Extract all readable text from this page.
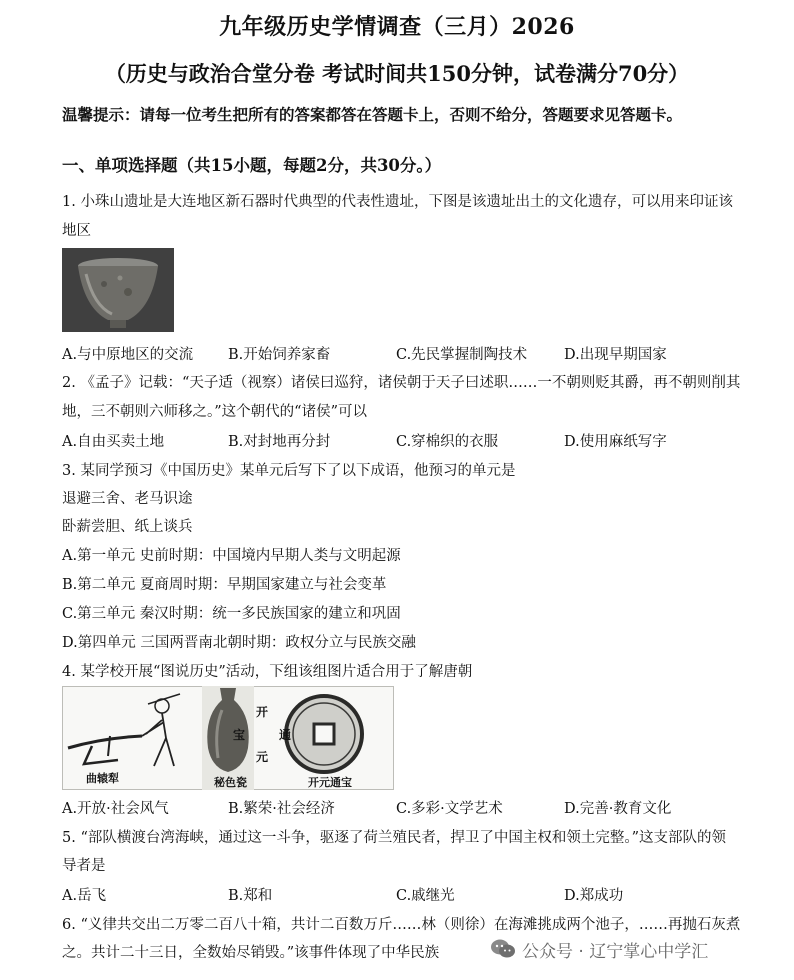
九年级历史学情调查（三月）2026
（历史与政治合堂分卷 考试时间共150分钟，试卷满分70分）
温馨提示：请每一位考生把所有的答案都答在答题卡上，否则不给分，答题要求见答题卡。
一、单项选择题（共15小题，每题2分，共30分。）
1. 小珠山遗址是大连地区新石器时代典型的代表性遗址，下图是该遗址出土的文化遗存，可以用来印证该
地区
A.与中原地区的交流 B.开始饲养家畜	C.先民掌握制陶技术	D.出现早期国家
2. 《孟子》记载：“天子适（视察）诸侯曰巡狩，诸侯朝于天子曰述职……一不朝则贬其爵，再不朝则削其
地，三不朝则六师移之。”这个朝代的“诸侯”可以
A.自由买卖土地	B.对封地再分封	C.穿棉织的衣服	D.使用麻纸写字
3. 某同学预习《中国历史》某单元后写下了以下成语，他预习的单元是
退避三舍、老马识途
卧薪尝胆、纸上谈兵
A.第一单元 史前时期：中国境内早期人类与文明起源
B.第二单元 夏商周时期：早期国家建立与社会变革
C.第三单元 秦汉时期：统一多民族国家的建立和巩固
D.第四单元 三国两晋南北朝时期：政权分立与民族交融
4. 某学校开展“图说历史”活动，下组该组图片适合用于了解唐朝
开
元
通
宝
曲辕犁	秘色瓷	开元通宝
A.开放·社会风气	B.繁荣·社会经济	C.多彩·文学艺术	D.完善·教育文化
5. “部队横渡台湾海峡，通过这一斗争，驱逐了荷兰殖民者，捍卫了中国主权和领土完整。”这支部队的领
导者是
A.岳飞	B.郑和	C.戚继光	D.郑成功
6. “义律共交出二万零二百八十箱，共计二百数万斤……林（则徐）在海滩挑成两个池子，……再抛石灰煮
之。共计二十三日，全数始尽销毁。”该事件体现了中华民族	公众号 · 辽宁掌心中学汇
